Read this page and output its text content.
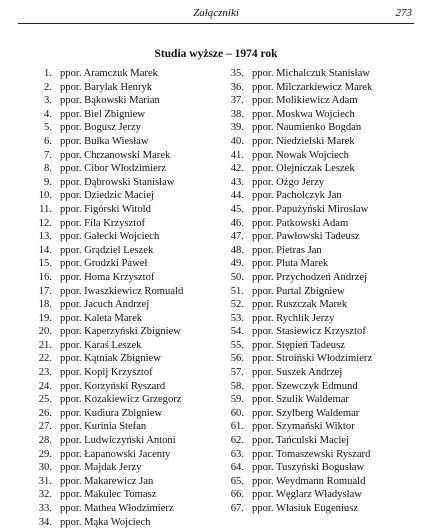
Załączniki	273
Studia wyższe – 1974 rok
1. ppor. Aramczuk Marek
2. ppor. Barylak Henryk
3. ppor. Bąkowski Marian
4. ppor. Biel Zbigniew
5. ppor. Bogusz Jerzy
6. ppor. Bułka Wiesław
7. ppor. Chrzanowski Marek
8. ppor. Cibor Włodzimierz
9. ppor. Dąbrowski Stanisław
10. ppor. Dziedzic Maciej
11. ppor. Figórski Witold
12. ppor. Fila Krzysztof
13. ppor. Gałecki Wojciech
14. ppor. Grądziel Leszek
15. ppor. Grodzki Paweł
16. ppor. Homa Krzysztof
17. ppor. Iwaszkiewicz Romuald
18. ppor. Jacuch Andrzej
19. ppor. Kaleta Marek
20. ppor. Kaperzyński Zbigniew
21. ppor. Karaś Leszek
22. ppor. Kątniak Zbigniew
23. ppor. Kopij Krzysztof
24. ppor. Korzyński Ryszard
25. ppor. Kozakiewicz Grzegorz
26. ppor. Kudiura Zbigniew
27. ppor. Kurinia Stefan
28. ppor. Ludwiczyński Antoni
29. ppor. Łapanowski Jacenty
30. ppor. Majdak Jerzy
31. ppor. Makarewicz Jan
32. ppor. Makulec Tomasz
33. ppor. Mathea Włodzimierz
34. ppor. Mąka Wojciech
35. ppor. Michalczuk Stanisław
36. ppor. Milczarkiewicz Marek
37. ppor. Molikiewicz Adam
38. ppor. Moskwa Wojciech
39. ppor. Naumienko Bogdan
40. ppor. Niedzielski Marek
41. ppor. Nowak Wojciech
42. ppor. Olejniczak Leszek
43. ppor. Ożgo Jerzy
44. ppor. Pacholczyk Jan
45. ppor. Papużyński Mirosław
46. ppor. Patkowski Adam
47. ppor. Pawłowski Tadeusz
48. ppor. Pietras Jan
49. ppor. Pluta Marek
50. ppor. Przychodzeń Andrzej
51. ppor. Purtal Zbigniew
52. ppor. Ruszczak Marek
53. ppor. Rychlik Jerzy
54. ppor. Stasiewicz Krzysztof
55. ppor. Stępień Tadeusz
56. ppor. Stroiński Włodzimierz
57. ppor. Suszek Andrzej
58. ppor. Szewczyk Edmund
59. ppor. Szulik Waldemar
60. ppor. Szylberg Waldemar
61. ppor. Szymański Wiktor
62. ppor. Tańculski Maciej
63. ppor. Tomaszewski Ryszard
64. ppor. Tuszyński Bogusław
65. ppor. Weydmann Romuald
66. ppor. Węglarz Władysław
67. ppor. Własiuk Eugeniusz
